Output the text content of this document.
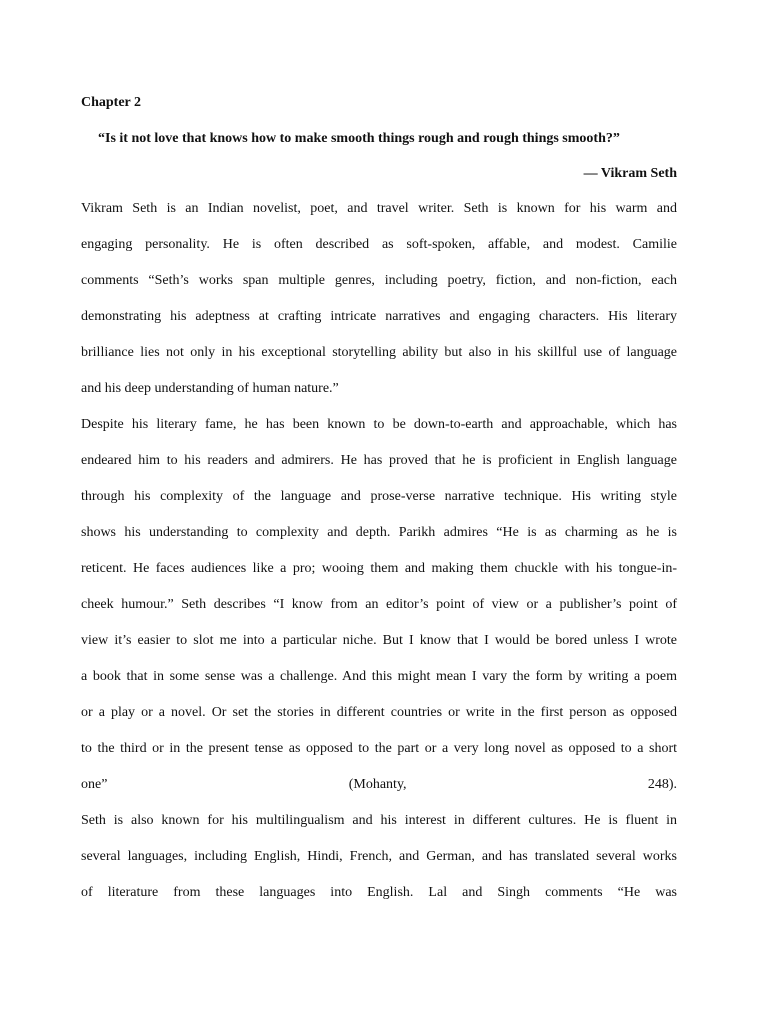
Chapter 2
“Is it not love that knows how to make smooth things rough and rough things smooth?”
— Vikram Seth
Vikram Seth is an Indian novelist, poet, and travel writer. Seth is known for his warm and
engaging personality. He is often described as soft-spoken, affable, and modest. Camilie
comments “Seth’s works span multiple genres, including poetry, fiction, and non-fiction, each
demonstrating his adeptness at crafting intricate narratives and engaging characters. His literary
brilliance lies not only in his exceptional storytelling ability but also in his skillful use of language
and his deep understanding of human nature.”
Despite his literary fame, he has been known to be down-to-earth and approachable, which has
endeared him to his readers and admirers. He has proved that he is proficient in English language
through his complexity of the language and prose-verse narrative technique. His writing style
shows his understanding to complexity and depth. Parikh admires “He is as charming as he is
reticent. He faces audiences like a pro; wooing them and making them chuckle with his tongue-in-
cheek humour.” Seth describes “I know from an editor’s point of view or a publisher’s point of
view it’s easier to slot me into a particular niche. But I know that I would be bored unless I wrote
a book that in some sense was a challenge. And this might mean I vary the form by writing a poem
or a play or a novel. Or set the stories in different countries or write in the first person as opposed
to the third or in the present tense as opposed to the part or a very long novel as opposed to a short
one” (Mohanty, 248).
Seth is also known for his multilingualism and his interest in different cultures. He is fluent in
several languages, including English, Hindi, French, and German, and has translated several works
of literature from these languages into English. Lal and Singh comments “He was
